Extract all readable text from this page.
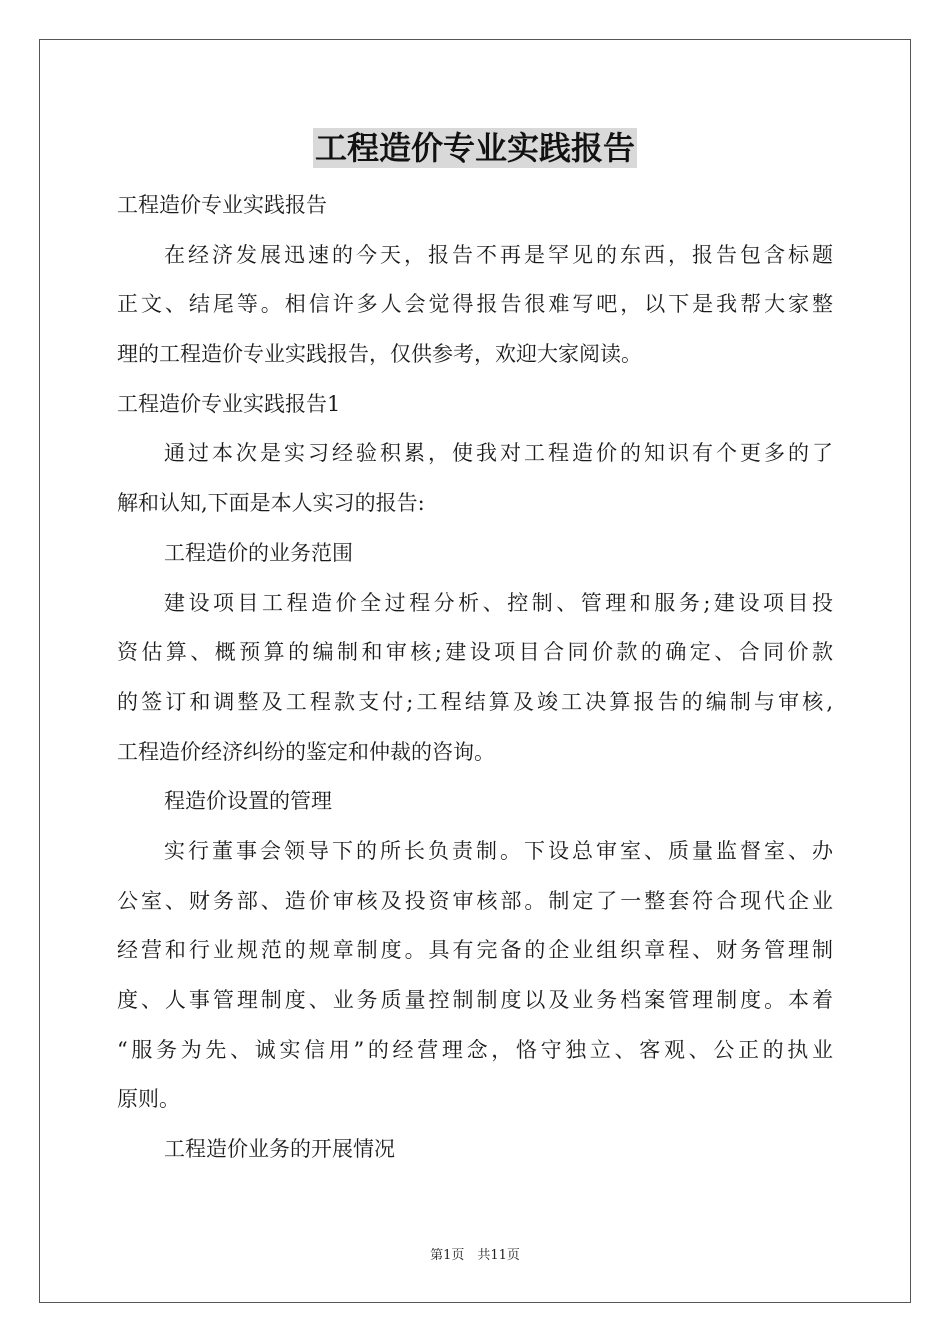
工程造价专业实践报告
工程造价专业实践报告
在经济发展迅速的今天，报告不再是罕见的东西，报告包含标题
正文、结尾等。相信许多人会觉得报告很难写吧，以下是我帮大家整
理的工程造价专业实践报告，仅供参考，欢迎大家阅读。
工程造价专业实践报告1
通过本次是实习经验积累，使我对工程造价的知识有个更多的了
解和认知,下面是本人实习的报告:
工程造价的业务范围
建设项目工程造价全过程分析、控制、管理和服务;建设项目投
资估算、概预算的编制和审核;建设项目合同价款的确定、合同价款
的签订和调整及工程款支付;工程结算及竣工决算报告的编制与审核,
工程造价经济纠纷的鉴定和仲裁的咨询。
程造价设置的管理
实行董事会领导下的所长负责制。下设总审室、质量监督室、办
公室、财务部、造价审核及投资审核部。制定了一整套符合现代企业
经营和行业规范的规章制度。具有完备的企业组织章程、财务管理制
度、人事管理制度、业务质量控制制度以及业务档案管理制度。本着
“服务为先、诚实信用”的经营理念，恪守独立、客观、公正的执业
原则。
工程造价业务的开展情况
第1页　共11页
